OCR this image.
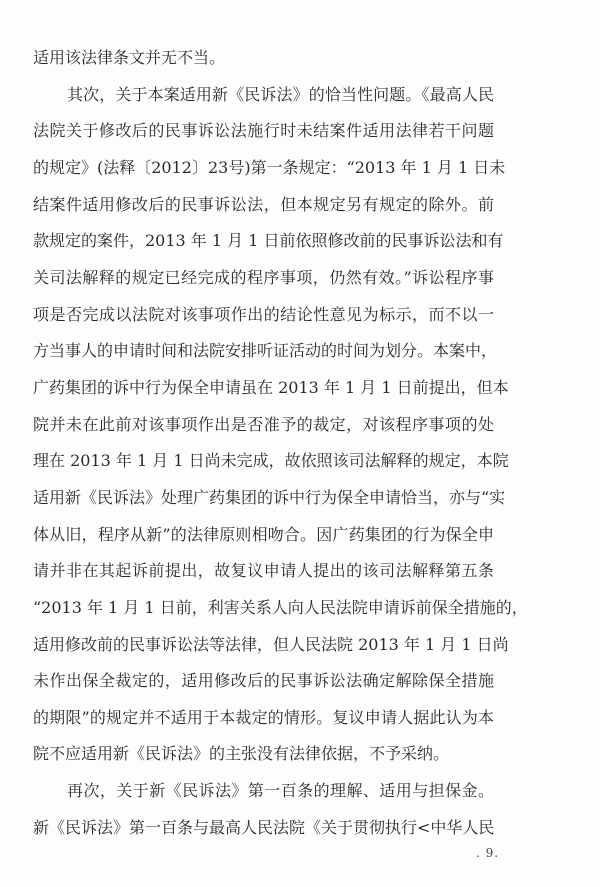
适用该法律条文并无不当。
其次，关于本案适用新《民诉法》的恰当性问题。《最高人民
法院关于修改后的民事诉讼法施行时未结案件适用法律若干问题
的规定》(法释〔2012〕23号)第一条规定：“2013 年 1 月 1 日未
结案件适用修改后的民事诉讼法，但本规定另有规定的除外。前
款规定的案件，2013 年 1 月 1 日前依照修改前的民事诉讼法和有
关司法解释的规定已经完成的程序事项，仍然有效。”诉讼程序事
项是否完成以法院对该事项作出的结论性意见为标示，而不以一
方当事人的申请时间和法院安排听证活动的时间为划分。本案中，
广药集团的诉中行为保全申请虽在 2013 年 1 月 1 日前提出，但本
院并未在此前对该事项作出是否准予的裁定，对该程序事项的处
理在 2013 年 1 月 1 日尚未完成，故依照该司法解释的规定，本院
适用新《民诉法》处理广药集团的诉中行为保全申请恰当，亦与“实
体从旧，程序从新”的法律原则相吻合。因广药集团的行为保全申
请并非在其起诉前提出，故复议申请人提出的该司法解释第五条
“2013 年 1 月 1 日前，利害关系人向人民法院申请诉前保全措施的，
适用修改前的民事诉讼法等法律，但人民法院 2013 年 1 月 1 日尚
未作出保全裁定的，适用修改后的民事诉讼法确定解除保全措施
的期限”的规定并不适用于本裁定的情形。复议申请人据此认为本
院不应适用新《民诉法》的主张没有法律依据，不予采纳。
再次，关于新《民诉法》第一百条的理解、适用与担保金。
新《民诉法》第一百条与最高人民法院《关于贯彻执行<中华人民
. 9.
